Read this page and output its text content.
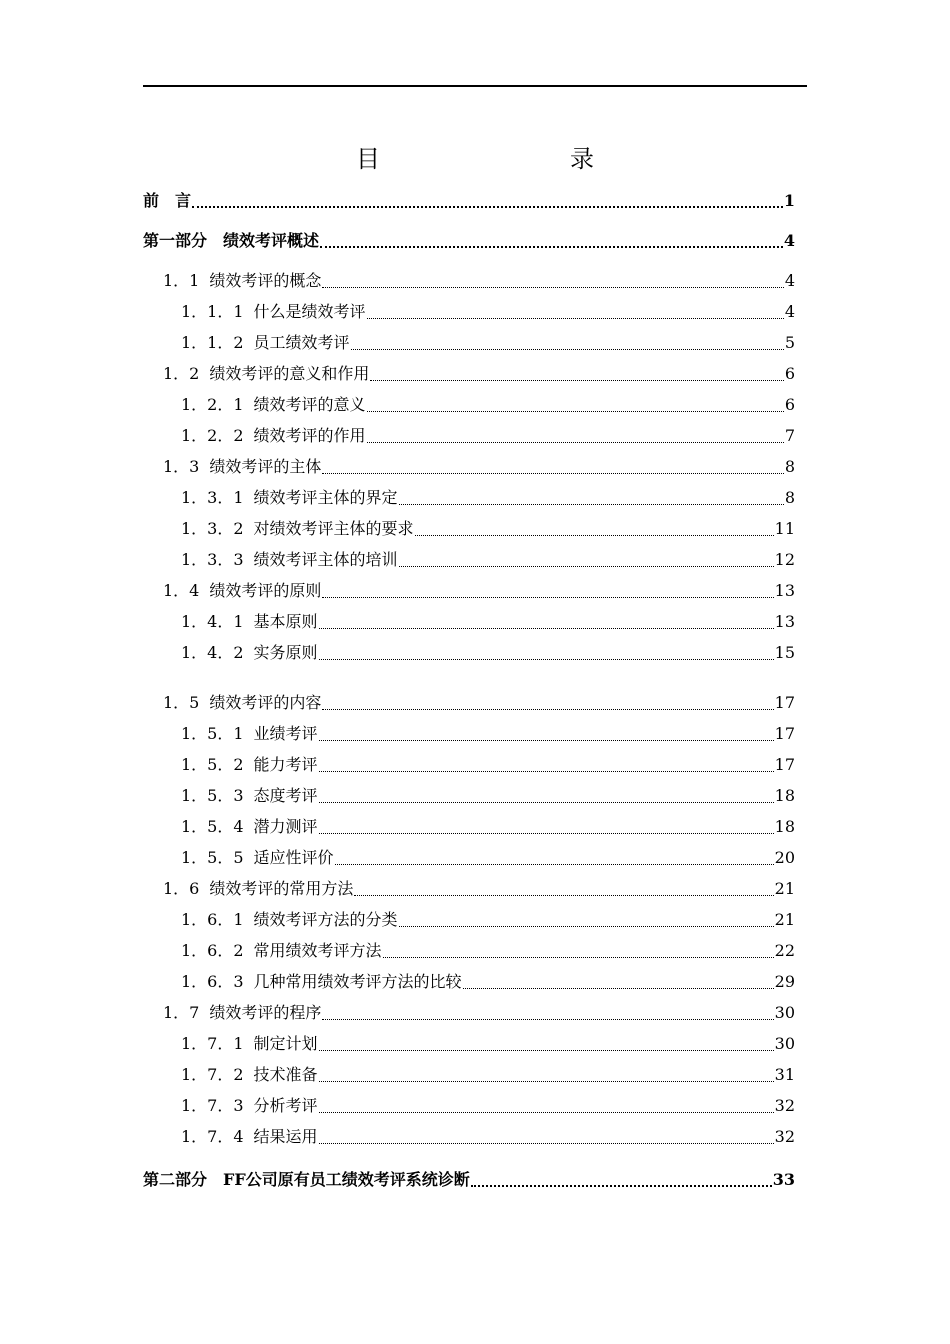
目	录
前　言	1
第一部分　绩效考评概述	4
1．1 绩效考评的概念	4
1．1．1 什么是绩效考评	4
1．1．2 员工绩效考评	5
1．2 绩效考评的意义和作用	6
1．2．1 绩效考评的意义	6
1．2．2 绩效考评的作用	7
1．3 绩效考评的主体	8
1．3．1 绩效考评主体的界定	8
1．3．2 对绩效考评主体的要求	11
1．3．3 绩效考评主体的培训	12
1．4 绩效考评的原则	13
1．4．1 基本原则	13
1．4．2 实务原则	15
1．5 绩效考评的内容	17
1．5．1 业绩考评	17
1．5．2 能力考评	17
1．5．3 态度考评	18
1．5．4 潜力测评	18
1．5．5 适应性评价	20
1．6 绩效考评的常用方法	21
1．6．1 绩效考评方法的分类	21
1．6．2 常用绩效考评方法	22
1．6．3 几种常用绩效考评方法的比较	29
1．7 绩效考评的程序	30
1．7．1 制定计划	30
1．7．2 技术准备	31
1．7．3 分析考评	32
1．7．4 结果运用	32
第二部分　FF公司原有员工绩效考评系统诊断	33
